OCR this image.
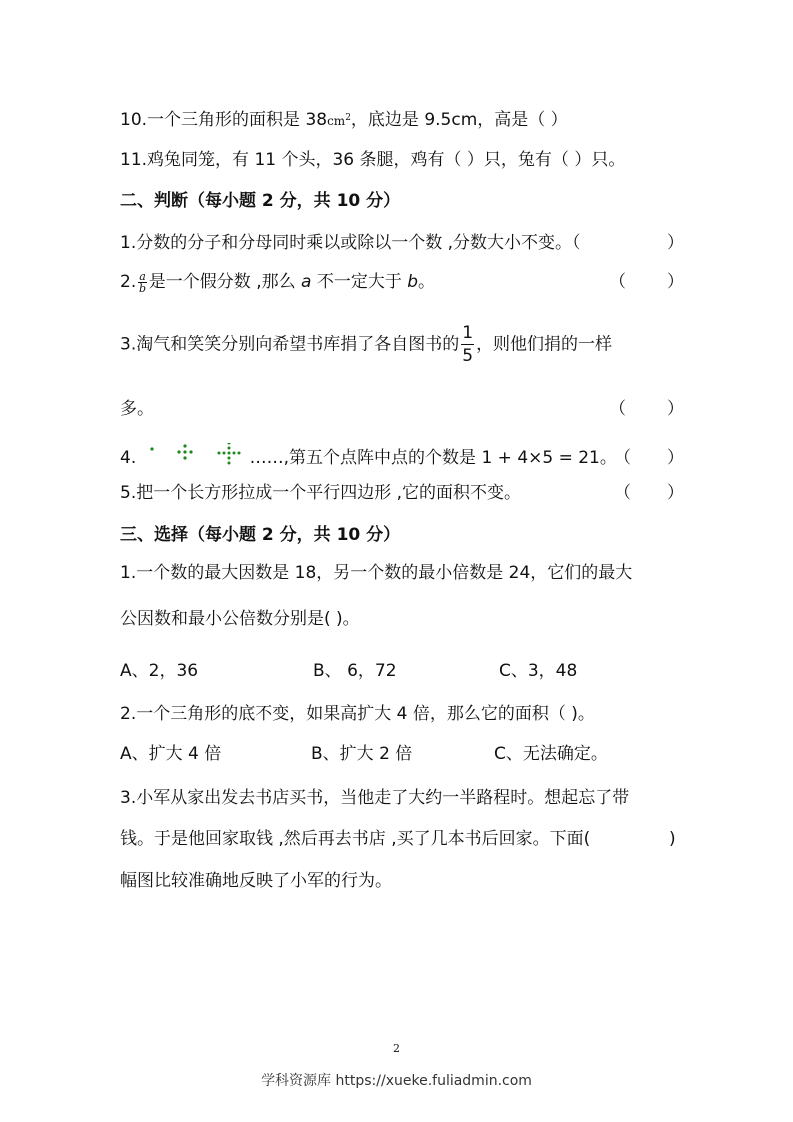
10.一个三角形的面积是 $38cm^2$，底边是 9.5cm，高是（ ）
11.鸡兔同笼，有 11 个头，36 条腿，鸡有（ ）只，兔有（ ）只。
二、判断（每小题 2 分，共 10 分）
1.分数的分子和分母同时乘以或除以一个数 ,分数大小不变。（	）
2. $\frac{a}{b}$ 是一个假分数 ,那么 a 不一定大于 b。	（ ）
3.淘气和笑笑分别向希望书库捐了各自图书的 $\frac{1}{5}$ ，则他们捐的一样
多。	（ ）
4.	……,第五个点阵中点的个数是 1 + 4×5 = 21。
（ ）
5.把一个长方形拉成一个平行四边形 ,它的面积不变。	（ ）
三、选择（每小题 2 分，共 10 分）
1.一个数的最大因数是 18，另一个数的最小倍数是 24，它们的最大
公因数和最小公倍数分别是( )。
A、2，36	B、 6，72	C、3，48
2.一个三角形的底不变，如果高扩大 4 倍，那么它的面积（ )。
A、扩大 4 倍	B、扩大 2 倍	C、无法确定。
3.小军从家出发去书店买书，当他走了大约一半路程时。想起忘了带
钱。于是他回家取钱 ,然后再去书店 ,买了几本书后回家。下面(	)
幅图比较准确地反映了小军的行为。
2
学科资源库 https://xueke.fuliadmin.com
